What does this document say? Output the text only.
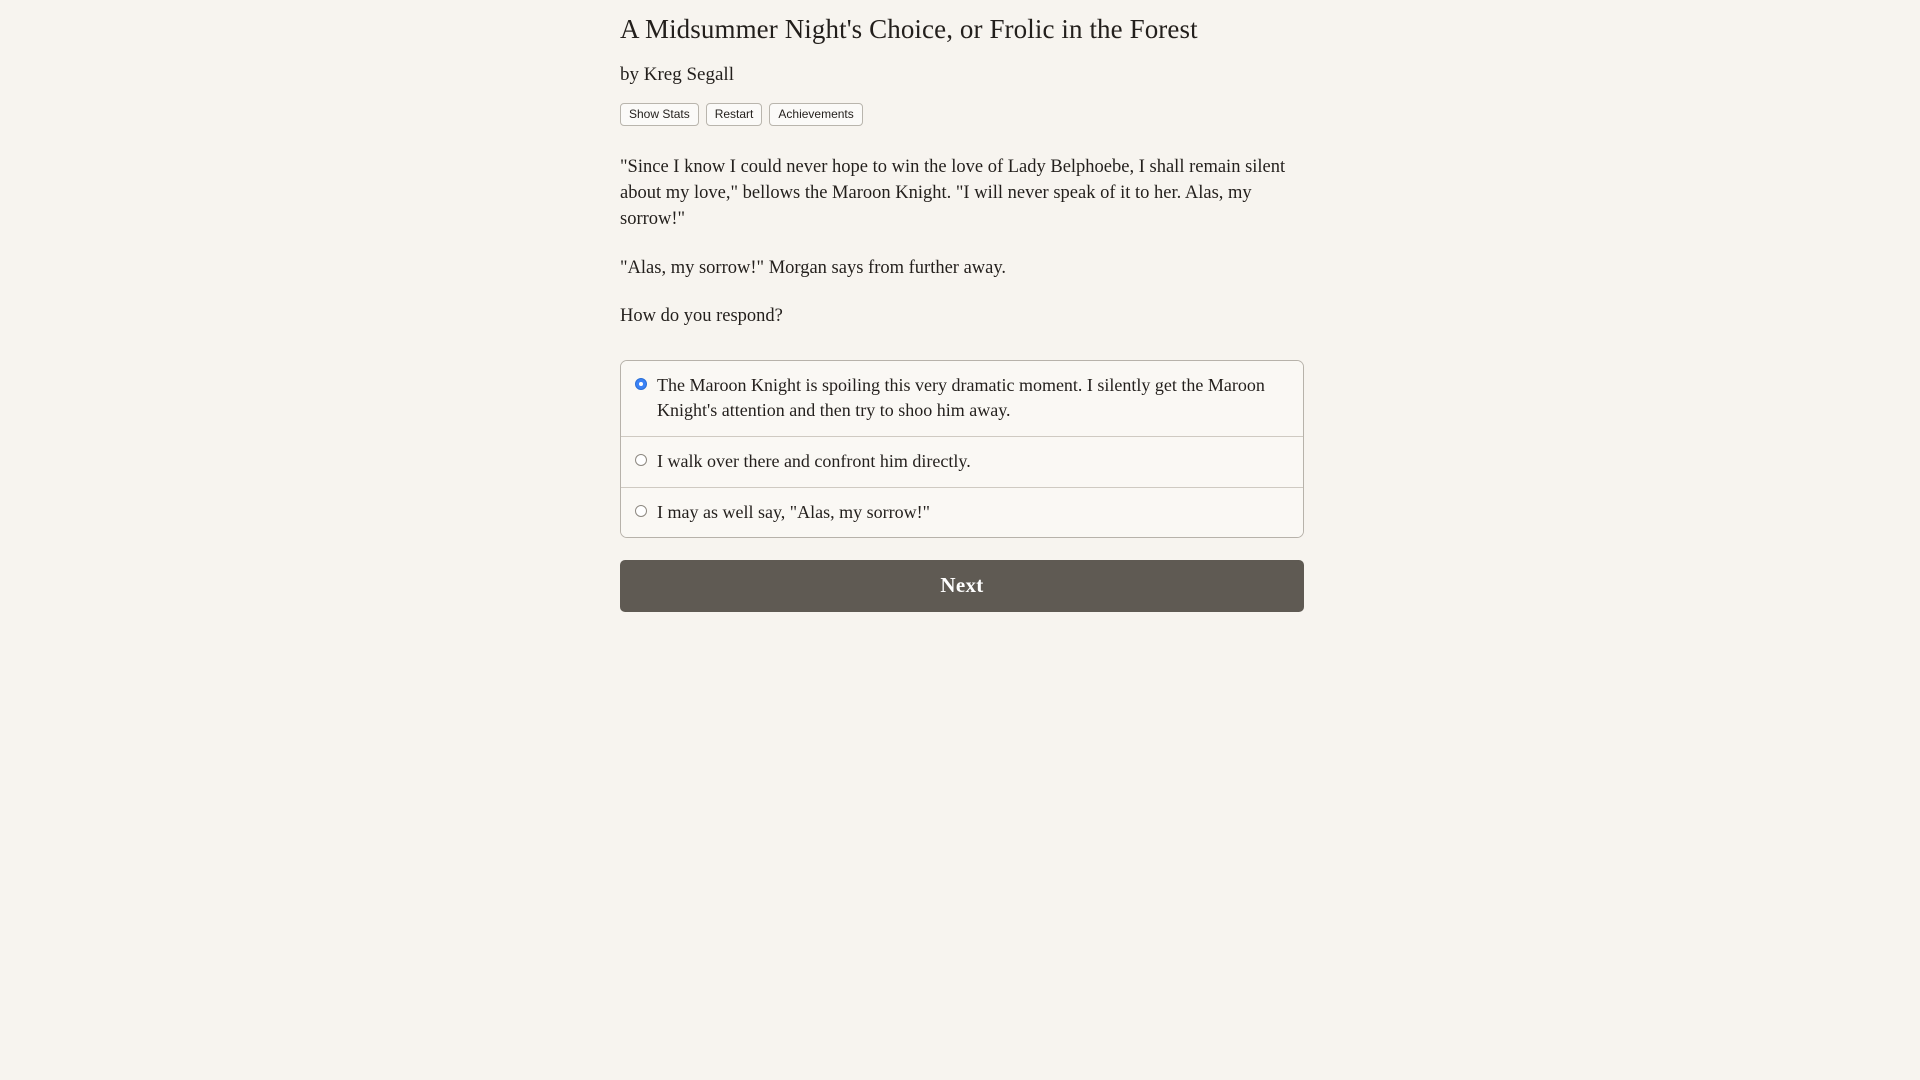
A Midsummer Night's Choice, or Frolic in the Forest
by Kreg Segall
Show Stats	Restart	Achievements

"Since I know I could never hope to win the love of Lady Belphoebe, I shall remain silent about my love," bellows the Maroon Knight. "I will never speak of it to her. Alas, my sorrow!"

"Alas, my sorrow!" Morgan says from further away.

How do you respond?

The Maroon Knight is spoiling this very dramatic moment. I silently get the Maroon Knight's attention and then try to shoo him away.
I walk over there and confront him directly.
I may as well say, "Alas, my sorrow!"
Next
